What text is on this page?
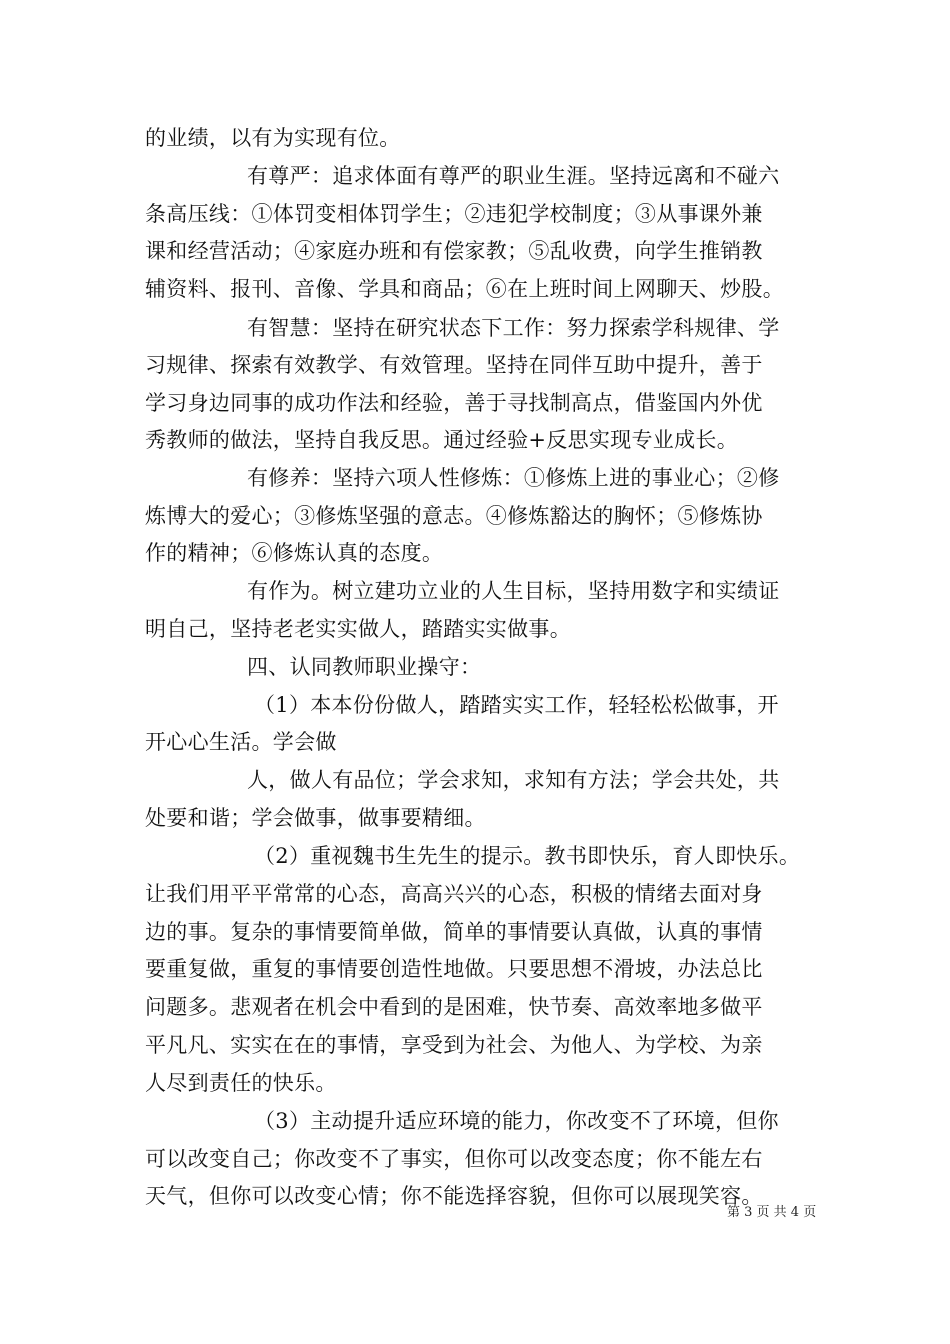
的业绩，以有为实现有位。
有尊严：追求体面有尊严的职业生涯。坚持远离和不碰六
条高压线：①体罚变相体罚学生；②违犯学校制度；③从事课外兼
课和经营活动；④家庭办班和有偿家教；⑤乱收费，向学生推销教
辅资料、报刊、音像、学具和商品；⑥在上班时间上网聊天、炒股。
有智慧：坚持在研究状态下工作：努力探索学科规律、学
习规律、探索有效教学、有效管理。坚持在同伴互助中提升，善于
学习身边同事的成功作法和经验，善于寻找制高点，借鉴国内外优
秀教师的做法，坚持自我反思。通过经验+反思实现专业成长。
有修养：坚持六项人性修炼：①修炼上进的事业心；②修
炼博大的爱心；③修炼坚强的意志。④修炼豁达的胸怀；⑤修炼协
作的精神；⑥修炼认真的态度。
有作为。树立建功立业的人生目标，坚持用数字和实绩证
明自己，坚持老老实实做人，踏踏实实做事。
四、认同教师职业操守：
（1）本本份份做人，踏踏实实工作，轻轻松松做事，开
开心心生活。学会做
人，做人有品位；学会求知，求知有方法；学会共处，共
处要和谐；学会做事，做事要精细。
（2）重视魏书生先生的提示。教书即快乐，育人即快乐。
让我们用平平常常的心态，高高兴兴的心态，积极的情绪去面对身
边的事。复杂的事情要简单做，简单的事情要认真做，认真的事情
要重复做，重复的事情要创造性地做。只要思想不滑坡，办法总比
问题多。悲观者在机会中看到的是困难，快节奏、高效率地多做平
平凡凡、实实在在的事情，享受到为社会、为他人、为学校、为亲
人尽到责任的快乐。
（3）主动提升适应环境的能力，你改变不了环境，但你
可以改变自己；你改变不了事实，但你可以改变态度；你不能左右
天气，但你可以改变心情；你不能选择容貌，但你可以展现笑容。
第 3 页 共 4 页
